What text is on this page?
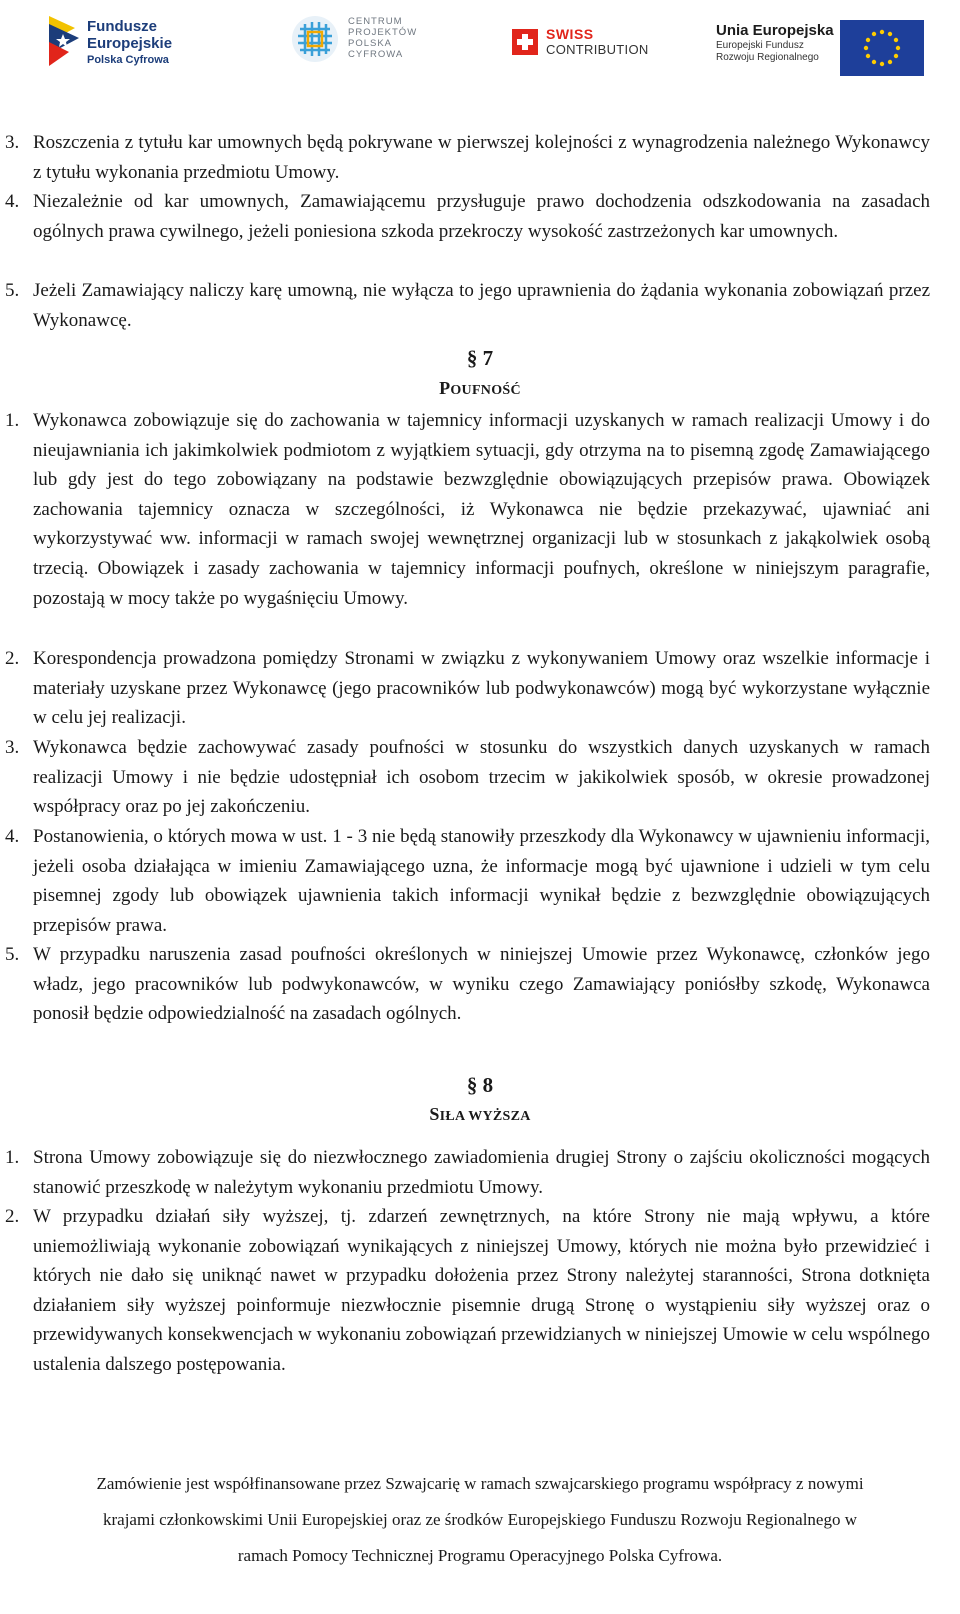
Fundusze
Europejskie
Polska Cyfrowa
CENTRUM
PROJEKTÓW
POLSKA
CYFROWA
SWISS
CONTRIBUTION
Unia Europejska
Europejski Fundusz
Rozwoju Regionalnego
3. Roszczenia z tytułu kar umownych będą pokrywane w pierwszej kolejności z wynagrodzenia należnego Wykonawcy z tytułu wykonania przedmiotu Umowy.
4. Niezależnie od kar umownych, Zamawiającemu przysługuje prawo dochodzenia odszkodowania na zasadach ogólnych prawa cywilnego, jeżeli poniesiona szkoda przekroczy wysokość zastrzeżonych kar umownych.
5. Jeżeli Zamawiający naliczy karę umowną, nie wyłącza to jego uprawnienia do żądania wykonania zobowiązań przez Wykonawcę.
§ 7
POUFNOŚĆ
1. Wykonawca zobowiązuje się do zachowania w tajemnicy informacji uzyskanych w ramach realizacji Umowy i do nieujawniania ich jakimkolwiek podmiotom z wyjątkiem sytuacji, gdy otrzyma na to pisemną zgodę Zamawiającego lub gdy jest do tego zobowiązany na podstawie bezwzględnie obowiązujących przepisów prawa. Obowiązek zachowania tajemnicy oznacza w szczególności, iż Wykonawca nie będzie przekazywać, ujawniać ani wykorzystywać ww. informacji w ramach swojej wewnętrznej organizacji lub w stosunkach z jakąkolwiek osobą trzecią. Obowiązek i zasady zachowania w tajemnicy informacji poufnych, określone w niniejszym paragrafie, pozostają w mocy także po wygaśnięciu Umowy.
2. Korespondencja prowadzona pomiędzy Stronami w związku z wykonywaniem Umowy oraz wszelkie informacje i materiały uzyskane przez Wykonawcę (jego pracowników lub podwykonawców) mogą być wykorzystane wyłącznie w celu jej realizacji.
3. Wykonawca będzie zachowywać zasady poufności w stosunku do wszystkich danych uzyskanych w ramach realizacji Umowy i nie będzie udostępniał ich osobom trzecim w jakikolwiek sposób, w okresie prowadzonej współpracy oraz po jej zakończeniu.
4. Postanowienia, o których mowa w ust. 1 - 3 nie będą stanowiły przeszkody dla Wykonawcy w ujawnieniu informacji, jeżeli osoba działająca w imieniu Zamawiającego uzna, że informacje mogą być ujawnione i udzieli w tym celu pisemnej zgody lub obowiązek ujawnienia takich informacji wynikał będzie z bezwzględnie obowiązujących przepisów prawa.
5. W przypadku naruszenia zasad poufności określonych w niniejszej Umowie przez Wykonawcę, członków jego władz, jego pracowników lub podwykonawców, w wyniku czego Zamawiający poniósłby szkodę, Wykonawca ponosił będzie odpowiedzialność na zasadach ogólnych.
§ 8
SIŁA WYŻSZA
1. Strona Umowy zobowiązuje się do niezwłocznego zawiadomienia drugiej Strony o zajściu okoliczności mogących stanowić przeszkodę w należytym wykonaniu przedmiotu Umowy.
2. W przypadku działań siły wyższej, tj. zdarzeń zewnętrznych, na które Strony nie mają wpływu, a które uniemożliwiają wykonanie zobowiązań wynikających z niniejszej Umowy, których nie można było przewidzieć i których nie dało się uniknąć nawet w przypadku dołożenia przez Strony należytej staranności, Strona dotknięta działaniem siły wyższej poinformuje niezwłocznie pisemnie drugą Stronę o wystąpieniu siły wyższej oraz o przewidywanych konsekwencjach w wykonaniu zobowiązań przewidzianych w niniejszej Umowie w celu wspólnego ustalenia dalszego postępowania.
Zamówienie jest współfinansowane przez Szwajcarię w ramach szwajcarskiego programu współpracy z nowymi
krajami członkowskimi Unii Europejskiej oraz ze środków Europejskiego Funduszu Rozwoju Regionalnego w
ramach Pomocy Technicznej Programu Operacyjnego Polska Cyfrowa.
